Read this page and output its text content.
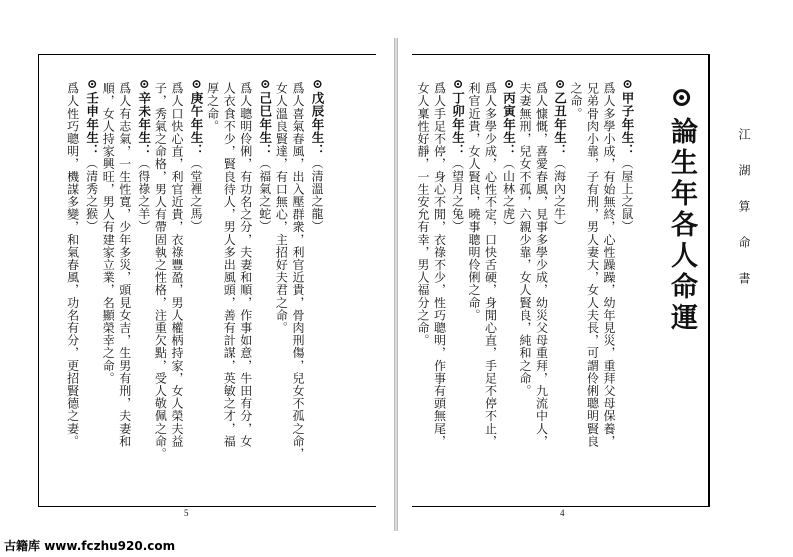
江 湖 算 命 書
⊙論生年各人命運
4
⊙甲子年生：（屋上之鼠）
爲人多學小成，有始無終，心性躁躁，幼年見災，重拜父母保養，
兄弟骨肉小靠，子有刑，男人妻大，女人夫長，可謂伶俐聰明賢良
之命。
⊙乙丑年生：（海內之牛）
爲人慷慨，喜愛春風，見事多學少成，幼災父母重拜，九流中人，
夫妻無刑，兒女不孤，六親少靠，女人賢良，純和之命。
⊙丙寅年生：（山林之虎）
爲人多學少成，心性不定，口快舌硬，身閒心直，手足不停不止，
利官近貴，女人賢良，曉事聰明伶俐之命。
⊙丁卯年生：（望月之兔）
爲人手足不停，身心不閒，衣祿不少，性巧聰明，作事有頭無尾，
女人稟性好靜，一生安允有幸，男人福分之命。
5
⊙戊辰年生：（清溫之龍）
爲人喜氣春風，出入壓群衆，利官近貴，骨肉刑傷，兒女不孤之命，
女人溫良賢達，有口無心，主招好夫君之命。
⊙己巳年生：（福氣之蛇）
爲人聰明伶俐，有功名之分，夫妻和順，作事如意，牛田有分，女
人衣食不少，賢良待人，男人多出風頭，善有計謀，英敏之才，福
厚之命。
⊙庚午年生：（堂裡之馬）
爲人口快心直，利官近貴，衣祿豐盈，男人權柄持家，女人榮夫益
子，秀氣之命格，男人有帶固執之性格，注重欠點，受人敬佩之命。
⊙辛未年生：（得祿之羊）
爲人有志氣，一生性寬，少年多災，頭見女吉，生男有刑，夫妻和
順，女人持家興旺，男人有建家立業，名顯榮幸之命。
⊙壬申年生：（清秀之猴）
爲人性巧聰明，機謀多變，和氣春風，功名有分，更招賢德之妻。
古籍库 www.fczhu920.com
